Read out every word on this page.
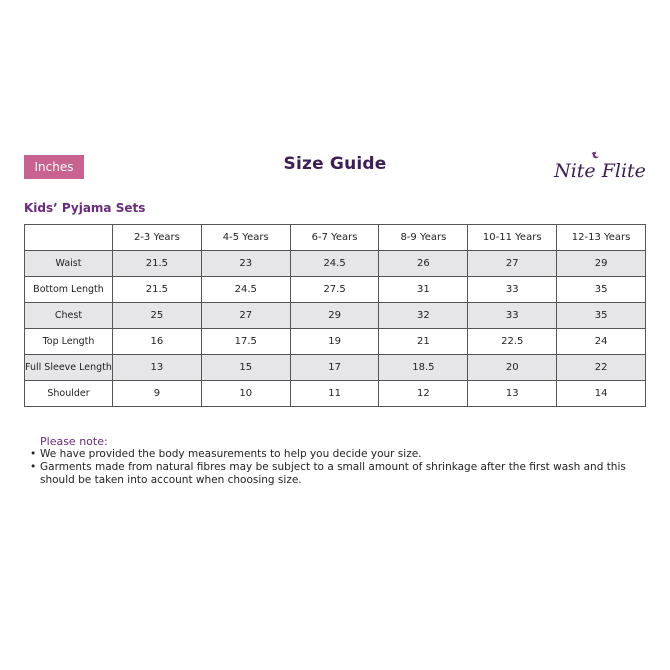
Inches	Size Guide	Nite Flite
Kids’ Pyjama Sets
	2-3 Years	4-5 Years	6-7 Years	8-9 Years	10-11 Years	12-13 Years
Waist	21.5	23	24.5	26	27	29
Bottom Length	21.5	24.5	27.5	31	33	35
Chest	25	27	29	32	33	35
Top Length	16	17.5	19	21	22.5	24
Full Sleeve Length	13	15	17	18.5	20	22
Shoulder	9	10	11	12	13	14
Please note:
• We have provided the body measurements to help you decide your size.
• Garments made from natural fibres may be subject to a small amount of shrinkage after the first wash and this should be taken into account when choosing size.
